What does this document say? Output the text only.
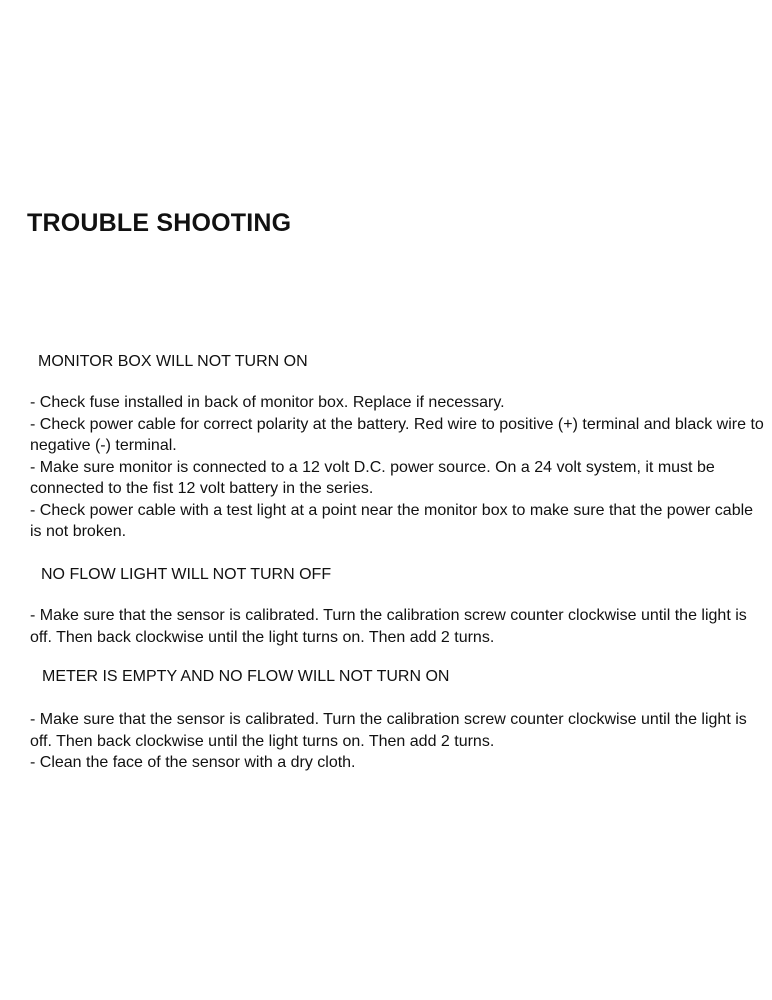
TROUBLE SHOOTING
MONITOR BOX WILL NOT TURN ON

- Check fuse installed in back of monitor box. Replace if necessary.

- Check power cable for correct polarity at the battery. Red wire to positive (+) terminal and black wire to negative (-) terminal.

- Make sure monitor is connected to a 12 volt D.C. power source. On a 24 volt system, it must be connected to the fist 12 volt battery in the series.

- Check power cable with a test light at a point near the monitor box to make sure that the power cable is not broken.

NO FLOW LIGHT WILL NOT TURN OFF

- Make sure that the sensor is calibrated. Turn the calibration screw counter clockwise until the light is off. Then back clockwise until the light turns on. Then add 2 turns.

METER IS EMPTY AND NO FLOW WILL NOT TURN ON

- Make sure that the sensor is calibrated. Turn the calibration screw counter clockwise until the light is off. Then back clockwise until the light turns on. Then add 2 turns.

- Clean the face of the sensor with a dry cloth.
